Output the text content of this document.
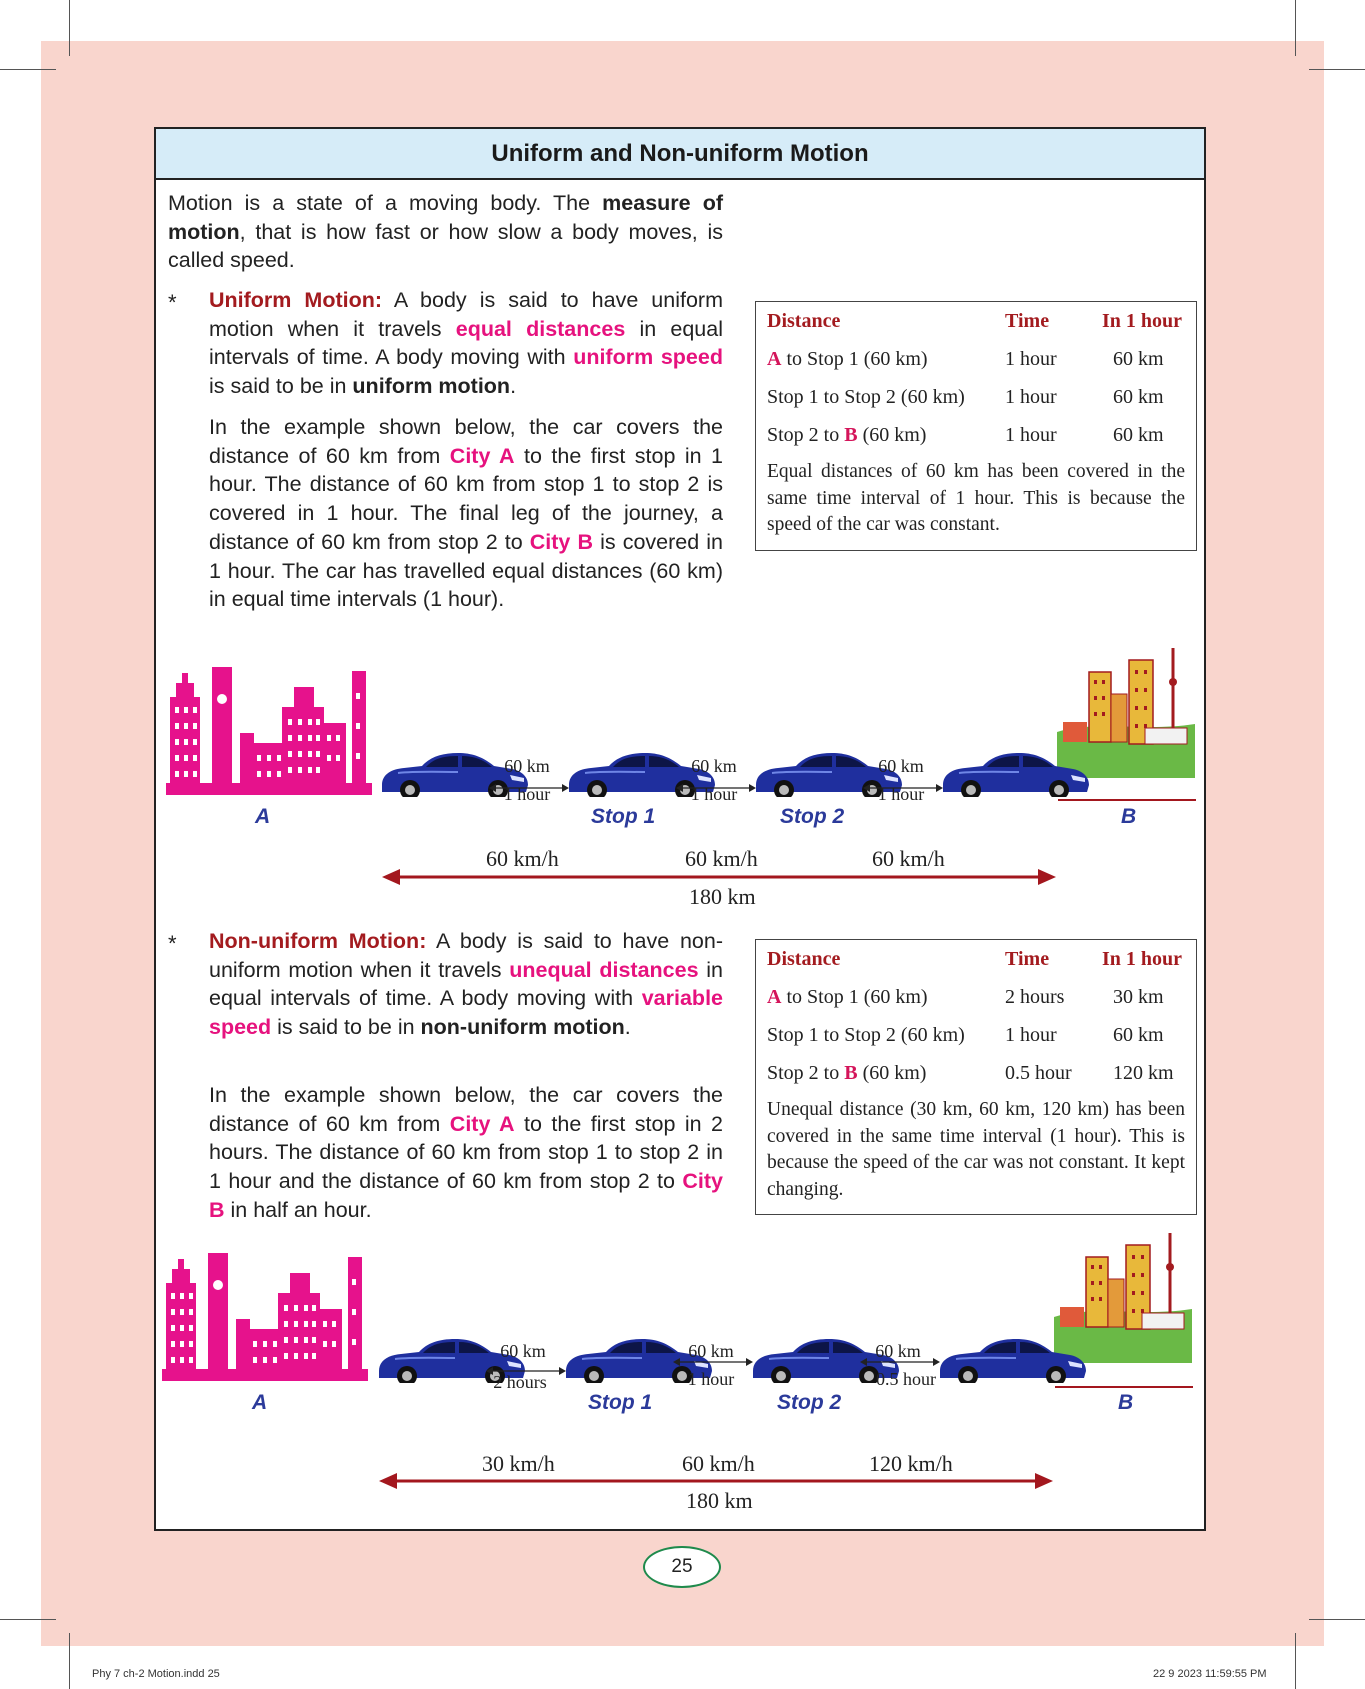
Uniform and Non-uniform Motion

Motion is a state of a moving body. The measure of motion, that is how fast or how slow a body moves, is called speed.

* Uniform Motion: A body is said to have uniform motion when it travels equal distances in equal intervals of time. A body moving with uniform speed is said to be in uniform motion.

In the example shown below, the car covers the distance of 60 km from City A to the first stop in 1 hour. The distance of 60 km from stop 1 to stop 2 is covered in 1 hour. The final leg of the journey, a distance of 60 km from stop 2 to City B is covered in 1 hour. The car has travelled equal distances (60 km) in equal time intervals (1 hour).

Distance	Time	In 1 hour
A to Stop 1 (60 km)	1 hour	60 km
Stop 1 to Stop 2 (60 km) 1 hour	60 km
Stop 2 to B (60 km)	1 hour	60 km
Equal distances of 60 km has been covered in the same time interval of 1 hour. This is because the speed of the car was constant.
60 km
1 hour
60 km
1 hour
60 km
1 hour
A	Stop 1	Stop 2	B
60 km/h	60 km/h	60 km/h
180 km
* Non-uniform Motion: A body is said to have non-uniform motion when it travels unequal distances in equal intervals of time. A body moving with variable speed is said to be in non-uniform motion.

In the example shown below, the car covers the distance of 60 km from City A to the first stop in 2 hours. The distance of 60 km from stop 1 to stop 2 in 1 hour and the distance of 60 km from stop 2 to City B in half an hour.

Distance	Time	In 1 hour
A to Stop 1 (60 km)	2 hours 30 km
Stop 1 to Stop 2 (60 km) 1 hour	60 km
Stop 2 to B (60 km)	0.5 hour 120 km
Unequal distance (30 km, 60 km, 120 km) has been covered in the same time interval (1 hour). This is because the speed of the car was not constant. It kept changing.
60 km
2 hours
60 km
1 hour
60 km
0.5 hour
A	Stop 1	Stop 2	B
30 km/h	60 km/h	120 km/h
180 km
25
Phy 7 ch-2 Motion.indd 25	22 9 2023 11:59:55 PM
